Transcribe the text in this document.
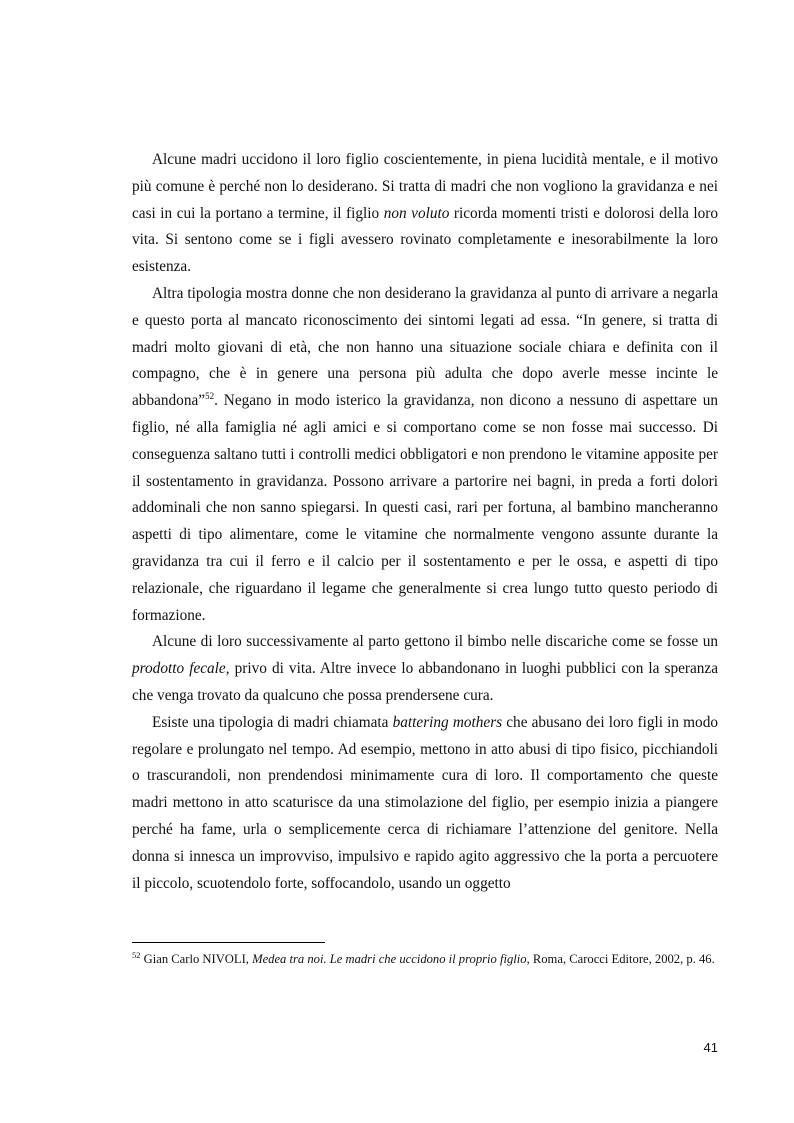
Alcune madri uccidono il loro figlio coscientemente, in piena lucidità mentale, e il motivo più comune è perché non lo desiderano. Si tratta di madri che non vogliono la gravidanza e nei casi in cui la portano a termine, il figlio non voluto ricorda momenti tristi e dolorosi della loro vita. Si sentono come se i figli avessero rovinato completamente e inesorabilmente la loro esistenza.

Altra tipologia mostra donne che non desiderano la gravidanza al punto di arrivare a negarla e questo porta al mancato riconoscimento dei sintomi legati ad essa. “In genere, si tratta di madri molto giovani di età, che non hanno una situazione sociale chiara e definita con il compagno, che è in genere una persona più adulta che dopo averle messe incinte le abbandona”$^{52}$. Negano in modo isterico la gravidanza, non dicono a nessuno di aspettare un figlio, né alla famiglia né agli amici e si comportano come se non fosse mai successo. Di conseguenza saltano tutti i controlli medici obbligatori e non prendono le vitamine apposite per il sostentamento in gravidanza. Possono arrivare a partorire nei bagni, in preda a forti dolori addominali che non sanno spiegarsi. In questi casi, rari per fortuna, al bambino mancheranno aspetti di tipo alimentare, come le vitamine che normalmente vengono assunte durante la gravidanza tra cui il ferro e il calcio per il sostentamento e per le ossa, e aspetti di tipo relazionale, che riguardano il legame che generalmente si crea lungo tutto questo periodo di formazione.

Alcune di loro successivamente al parto gettono il bimbo nelle discariche come se fosse un prodotto fecale, privo di vita. Altre invece lo abbandonano in luoghi pubblici con la speranza che venga trovato da qualcuno che possa prendersene cura.

Esiste una tipologia di madri chiamata battering mothers che abusano dei loro figli in modo regolare e prolungato nel tempo. Ad esempio, mettono in atto abusi di tipo fisico, picchiandoli o trascurandoli, non prendendosi minimamente cura di loro. Il comportamento che queste madri mettono in atto scaturisce da una stimolazione del figlio, per esempio inizia a piangere perché ha fame, urla o semplicemente cerca di richiamare l’attenzione del genitore. Nella donna si innesca un improvviso, impulsivo e rapido agito aggressivo che la porta a percuotere il piccolo, scuotendolo forte, soffocandolo, usando un oggetto

$^{52}$ Gian Carlo NIVOLI, Medea tra noi. Le madri che uccidono il proprio figlio, Roma, Carocci Editore, 2002, p. 46.
41
